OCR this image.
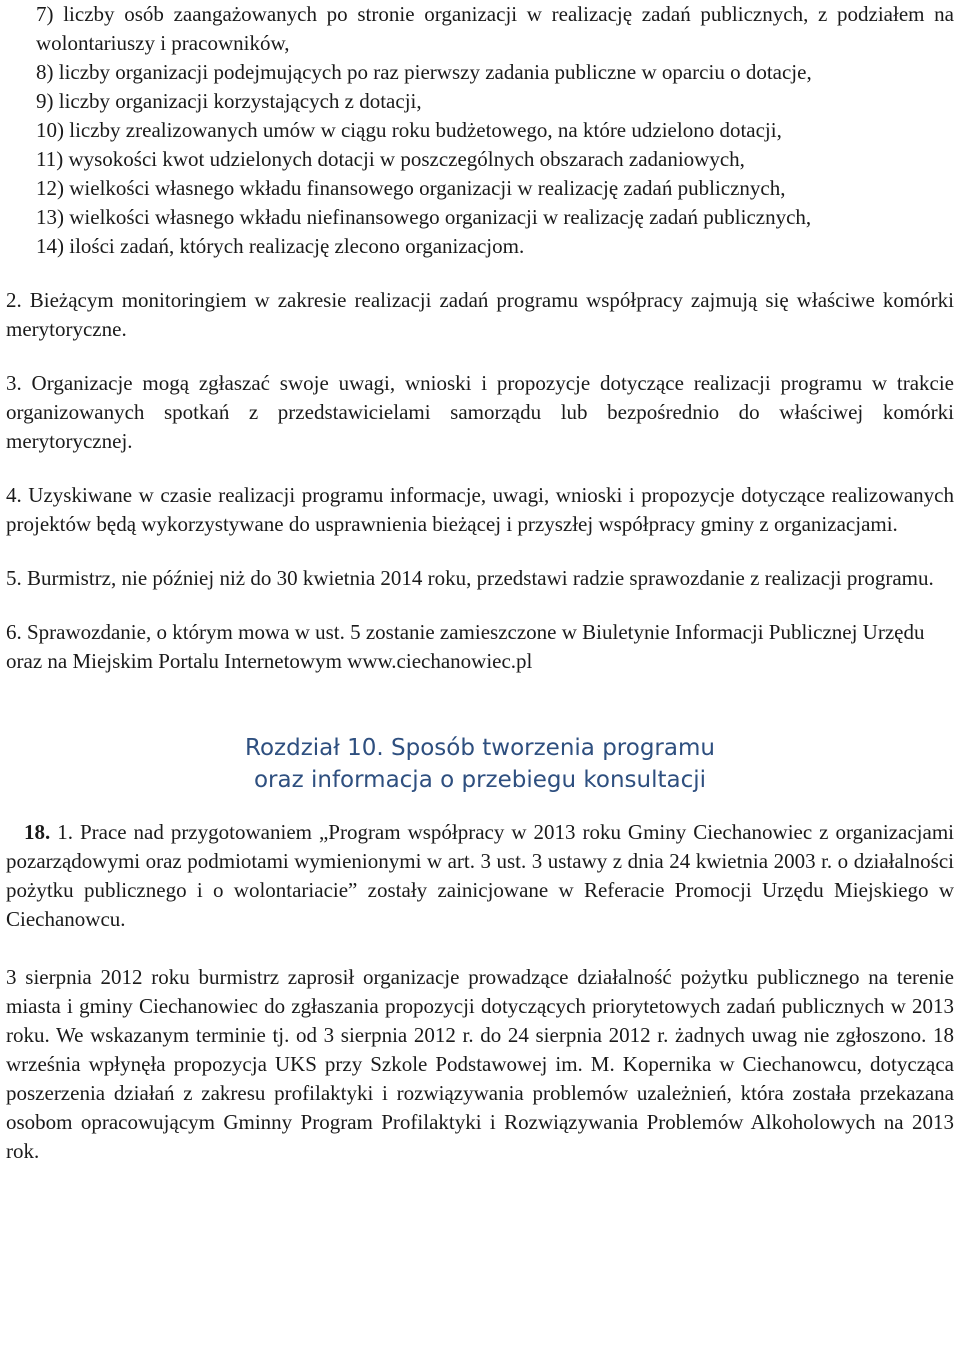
7) liczby osób zaangażowanych po stronie organizacji w realizację zadań publicznych, z podziałem na wolontariuszy i pracowników,

8) liczby organizacji podejmujących po raz pierwszy zadania publiczne w oparciu o dotacje,

9) liczby organizacji korzystających z dotacji,

10) liczby zrealizowanych umów w ciągu roku budżetowego, na które udzielono dotacji,

11) wysokości kwot udzielonych dotacji w poszczególnych obszarach zadaniowych,

12) wielkości własnego wkładu finansowego organizacji w realizację zadań publicznych,

13) wielkości własnego wkładu niefinansowego organizacji w realizację zadań publicznych,

14) ilości zadań, których realizację zlecono organizacjom.

2. Bieżącym monitoringiem w zakresie realizacji zadań programu współpracy zajmują się właściwe komórki merytoryczne.

3. Organizacje mogą zgłaszać swoje uwagi, wnioski i propozycje dotyczące realizacji programu w trakcie organizowanych spotkań z przedstawicielami samorządu lub bezpośrednio do właściwej komórki merytorycznej.

4. Uzyskiwane w czasie realizacji programu informacje, uwagi, wnioski i propozycje dotyczące realizowanych projektów będą wykorzystywane do usprawnienia bieżącej i przyszłej współpracy gminy z organizacjami.

5. Burmistrz, nie później niż do 30 kwietnia 2014 roku, przedstawi radzie sprawozdanie z realizacji programu.

6. Sprawozdanie, o którym mowa w ust. 5 zostanie zamieszczone w Biuletynie Informacji Publicznej Urzędu oraz na Miejskim Portalu Internetowym www.ciechanowiec.pl

Rozdział 10. Sposób tworzenia programu
oraz informacja o przebiegu konsultacji

18. 1. Prace nad przygotowaniem „Program współpracy w 2013 roku Gminy Ciechanowiec z organizacjami pozarządowymi oraz podmiotami wymienionymi w art. 3 ust. 3 ustawy z dnia 24 kwietnia 2003 r. o działalności pożytku publicznego i o wolontariacie” zostały zainicjowane w Referacie Promocji Urzędu Miejskiego w Ciechanowcu.

3 sierpnia 2012 roku burmistrz zaprosił organizacje prowadzące działalność pożytku publicznego na terenie miasta i gminy Ciechanowiec do zgłaszania propozycji dotyczących priorytetowych zadań publicznych w 2013 roku. We wskazanym terminie tj. od 3 sierpnia 2012 r. do 24 sierpnia 2012 r. żadnych uwag nie zgłoszono. 18 września wpłynęła propozycja UKS przy Szkole Podstawowej im. M. Kopernika w Ciechanowcu, dotycząca poszerzenia działań z zakresu profilaktyki i rozwiązywania problemów uzależnień, która została przekazana osobom opracowującym Gminny Program Profilaktyki i Rozwiązywania Problemów Alkoholowych na 2013 rok.
